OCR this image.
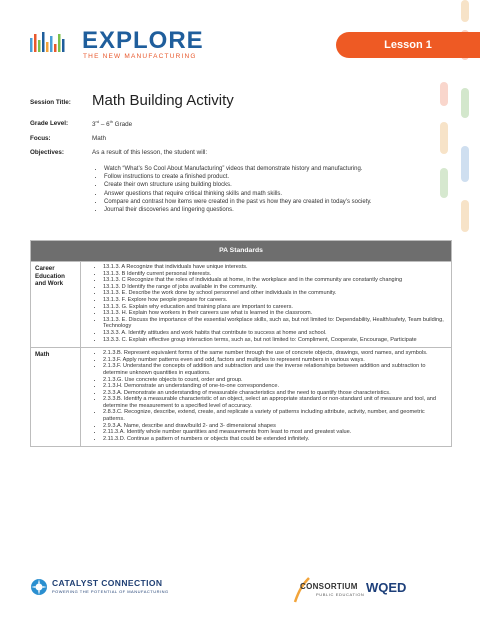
EXPLORE
THE NEW MANUFACTURING
Lesson 1
Session Title: Math Building Activity
Grade Level:	3rd – 6th Grade
Focus:	Math
Objectives:	As a result of this lesson, the student will:
• Watch “What’s So Cool About Manufacturing” videos that demonstrate history and manufacturing.
• Follow instructions to create a finished product.
• Create their own structure using building blocks.
• Answer questions that require critical thinking skills and math skills.
• Compare and contrast how items were created in the past vs how they are created in today’s society.
• Journal their discoveries and lingering questions.
PA Standards
Career Education and Work
• 13.1.3. A Recognize that individuals have unique interests.
• 13.1.3. B Identify current personal interests.
• 13.1.3. C Recognize that the roles of individuals at home, in the workplace and in the community are constantly changing
• 13.1.3. D Identify the range of jobs available in the community.
• 13.1.3. E. Describe the work done by school personnel and other individuals in the community.
• 13.1.3. F. Explore how people prepare for careers.
• 13.1.3. G. Explain why education and training plans are important to careers.
• 13.1.3. H. Explain how workers in their careers use what is learned in the classroom.
• 13.1.3. E. Discuss the importance of the essential workplace skills, such as, but not limited to: Dependability, Health/safety, Team building, Technology
• 13.3.3. A. Identify attitudes and work habits that contribute to success at home and school.
• 13.3.3. C. Explain effective group interaction terms, such as, but not limited to: Compliment, Cooperate, Encourage, Participate
Math
•	2.1.3.B. Represent equivalent forms of the same number through the use of concrete objects, drawings, word names, and symbols.
• 2.1.3.F. Apply number patterns even and odd, factors and multiples to represent numbers in various ways.
• 2.1.3.F. Understand the concepts of addition and subtraction and use the inverse relationships between addition and subtraction to determine unknown quantities in equations.
• 2.1.3.G. Use concrete objects to count, order and group.
• 2.1.3.H. Demonstrate an understanding of one-to-one correspondence.
• 2.3.3.A. Demonstrate an understanding of measurable characteristics and the need to quantify those characteristics.
• 2.3.3.B. Identify a measurable characteristic of an object, select an appropriate standard or non-standard unit of measure and tool, and determine the measurement to a specified level of accuracy.
• 2.8.3.C. Recognize, describe, extend, create, and replicate a variety of patterns including attribute, activity, number, and geometric patterns.
• 2.9.3.A. Name, describe and draw/build 2- and 3- dimensional shapes
• 2.11.3.A. Identify whole number quantities and measurements from least to most and greatest value.
• 2.11.3.D. Continue a pattern of numbers or objects that could be extended infinitely.
CATALYST CONNECTION
POWERING THE POTENTIAL OF MANUFACTURING
CONSORTIUM
PUBLIC EDUCATION WQED
